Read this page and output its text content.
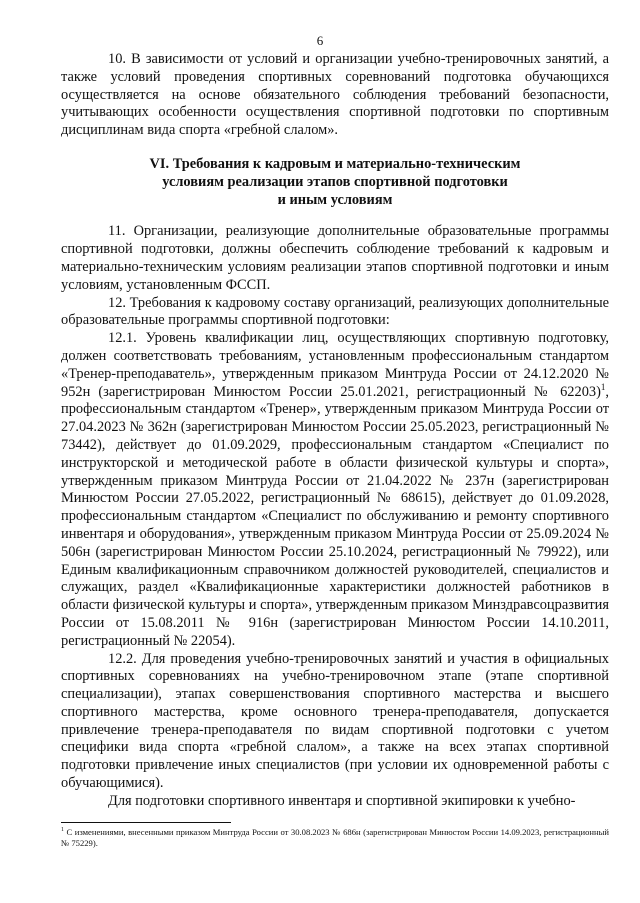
6

10. В зависимости от условий и организации учебно-тренировочных занятий, а также условий проведения спортивных соревнований подготовка обучающихся осуществляется на основе обязательного соблюдения требований безопасности, учитывающих особенности осуществления спортивной подготовки по спортивным дисциплинам вида спорта «гребной слалом».

VI. Требования к кадровым и материально-техническим
условиям реализации этапов спортивной подготовки
и иным условиям

11. Организации, реализующие дополнительные образовательные программы спортивной подготовки, должны обеспечить соблюдение требований к кадровым и материально-техническим условиям реализации этапов спортивной подготовки и иным условиям, установленным ФССП.

12. Требования к кадровому составу организаций, реализующих дополнительные образовательные программы спортивной подготовки:

12.1. Уровень квалификации лиц, осуществляющих спортивную подготовку, должен соответствовать требованиям, установленным профессиональным стандартом «Тренер-преподаватель», утвержденным приказом Минтруда России от 24.12.2020 № 952н (зарегистрирован Минюстом России 25.01.2021, регистрационный № 62203)$^1$, профессиональным стандартом «Тренер», утвержденным приказом Минтруда России от 27.04.2023 № 362н (зарегистрирован Минюстом России 25.05.2023, регистрационный № 73442), действует до 01.09.2029, профессиональным стандартом «Специалист по инструкторской и методической работе в области физической культуры и спорта», утвержденным приказом Минтруда России от 21.04.2022 № 237н (зарегистрирован Минюстом России 27.05.2022, регистрационный № 68615), действует до 01.09.2028, профессиональным стандартом «Специалист по обслуживанию и ремонту спортивного инвентаря и оборудования», утвержденным приказом Минтруда России от 25.09.2024 № 506н (зарегистрирован Минюстом России 25.10.2024, регистрационный № 79922), или Единым квалификационным справочником должностей руководителей, специалистов и служащих, раздел «Квалификационные характеристики должностей работников в области физической культуры и спорта», утвержденным приказом Минздравсоцразвития России от 15.08.2011 № 916н (зарегистрирован Минюстом России 14.10.2011, регистрационный № 22054).

12.2. Для проведения учебно-тренировочных занятий и участия в официальных спортивных соревнованиях на учебно-тренировочном этапе (этапе спортивной специализации), этапах совершенствования спортивного мастерства и высшего спортивного мастерства, кроме основного тренера-преподавателя, допускается привлечение тренера-преподавателя по видам спортивной подготовки с учетом специфики вида спорта «гребной слалом», а также на всех этапах спортивной подготовки привлечение иных специалистов (при условии их одновременной работы с обучающимися).

Для подготовки спортивного инвентаря и спортивной экипировки к учебно-

$^1$ С изменениями, внесенными приказом Минтруда России от 30.08.2023 № 686н (зарегистрирован Минюстом России 14.09.2023, регистрационный № 75229).
